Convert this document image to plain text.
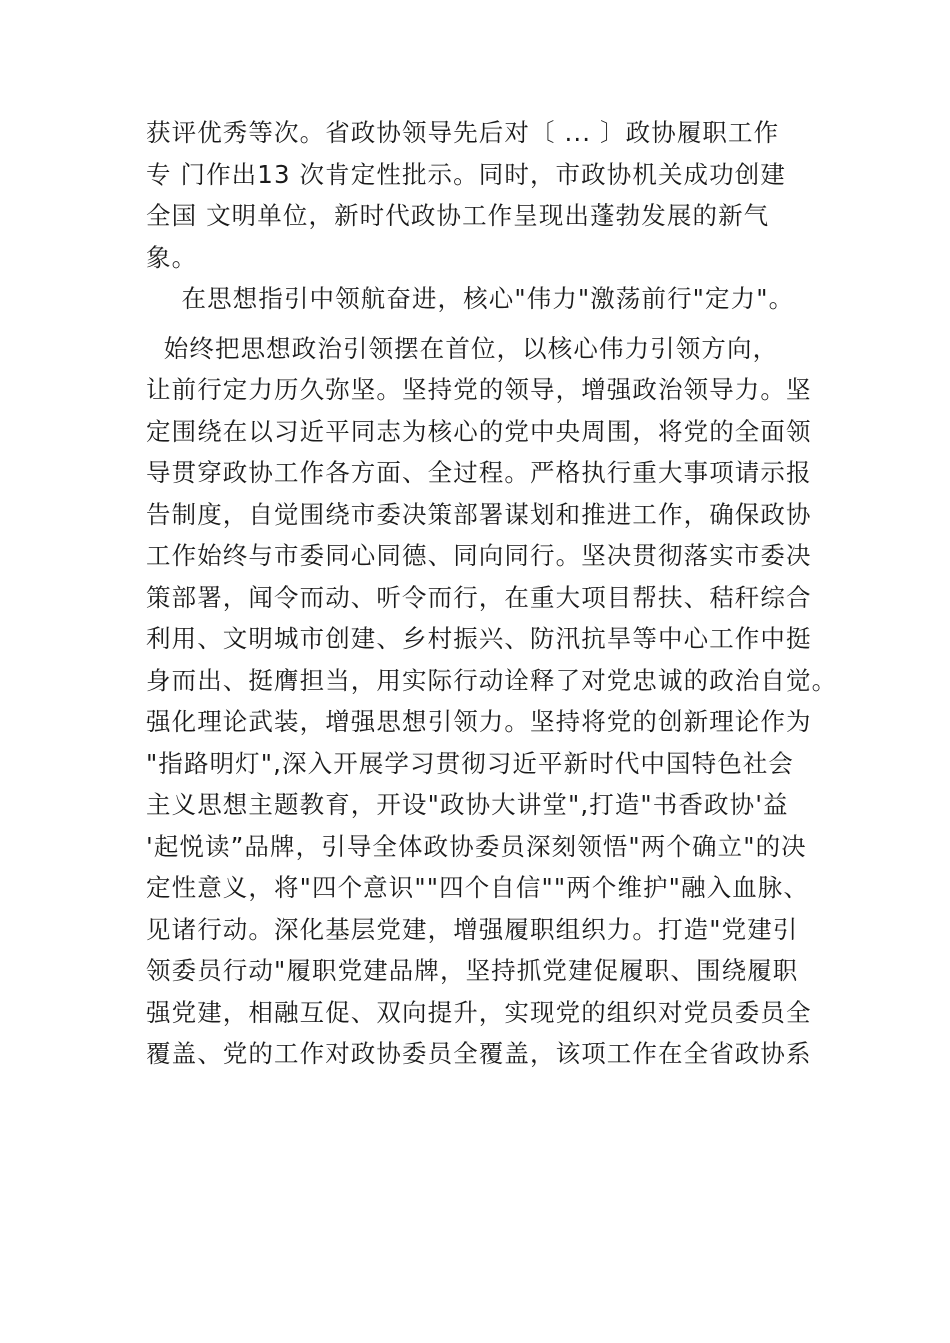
获评优秀等次。省政协领导先后对〔 ... 〕政协履职工作
专 门作出13 次肯定性批示。同时，市政协机关成功创建
全国 文明单位，新时代政协工作呈现出蓬勃发展的新气
象。
在思想指引中领航奋进，核心"伟力"激荡前行"定力"。
始终把思想政治引领摆在首位，以核心伟力引领方向，
让前行定力历久弥坚。坚持党的领导，增强政治领导力。坚
定围绕在以习近平同志为核心的党中央周围，将党的全面领
导贯穿政协工作各方面、全过程。严格执行重大事项请示报
告制度，自觉围绕市委决策部署谋划和推进工作，确保政协
工作始终与市委同心同德、同向同行。坚决贯彻落实市委决
策部署，闻令而动、听令而行，在重大项目帮扶、秸秆综合
利用、文明城市创建、乡村振兴、防汛抗旱等中心工作中挺
身而出、挺膺担当，用实际行动诠释了对党忠诚的政治自觉。
强化理论武装，增强思想引领力。坚持将党的创新理论作为
"指路明灯",深入开展学习贯彻习近平新时代中国特色社会
主义思想主题教育，开设"政协大讲堂",打造"书香政协'益
'起悦读”品牌，引导全体政协委员深刻领悟"两个确立"的决
定性意义，将"四个意识""四个自信""两个维护"融入血脉、
见诸行动。深化基层党建，增强履职组织力。打造"党建引
领委员行动"履职党建品牌，坚持抓党建促履职、围绕履职
强党建，相融互促、双向提升，实现党的组织对党员委员全
覆盖、党的工作对政协委员全覆盖，该项工作在全省政协系
